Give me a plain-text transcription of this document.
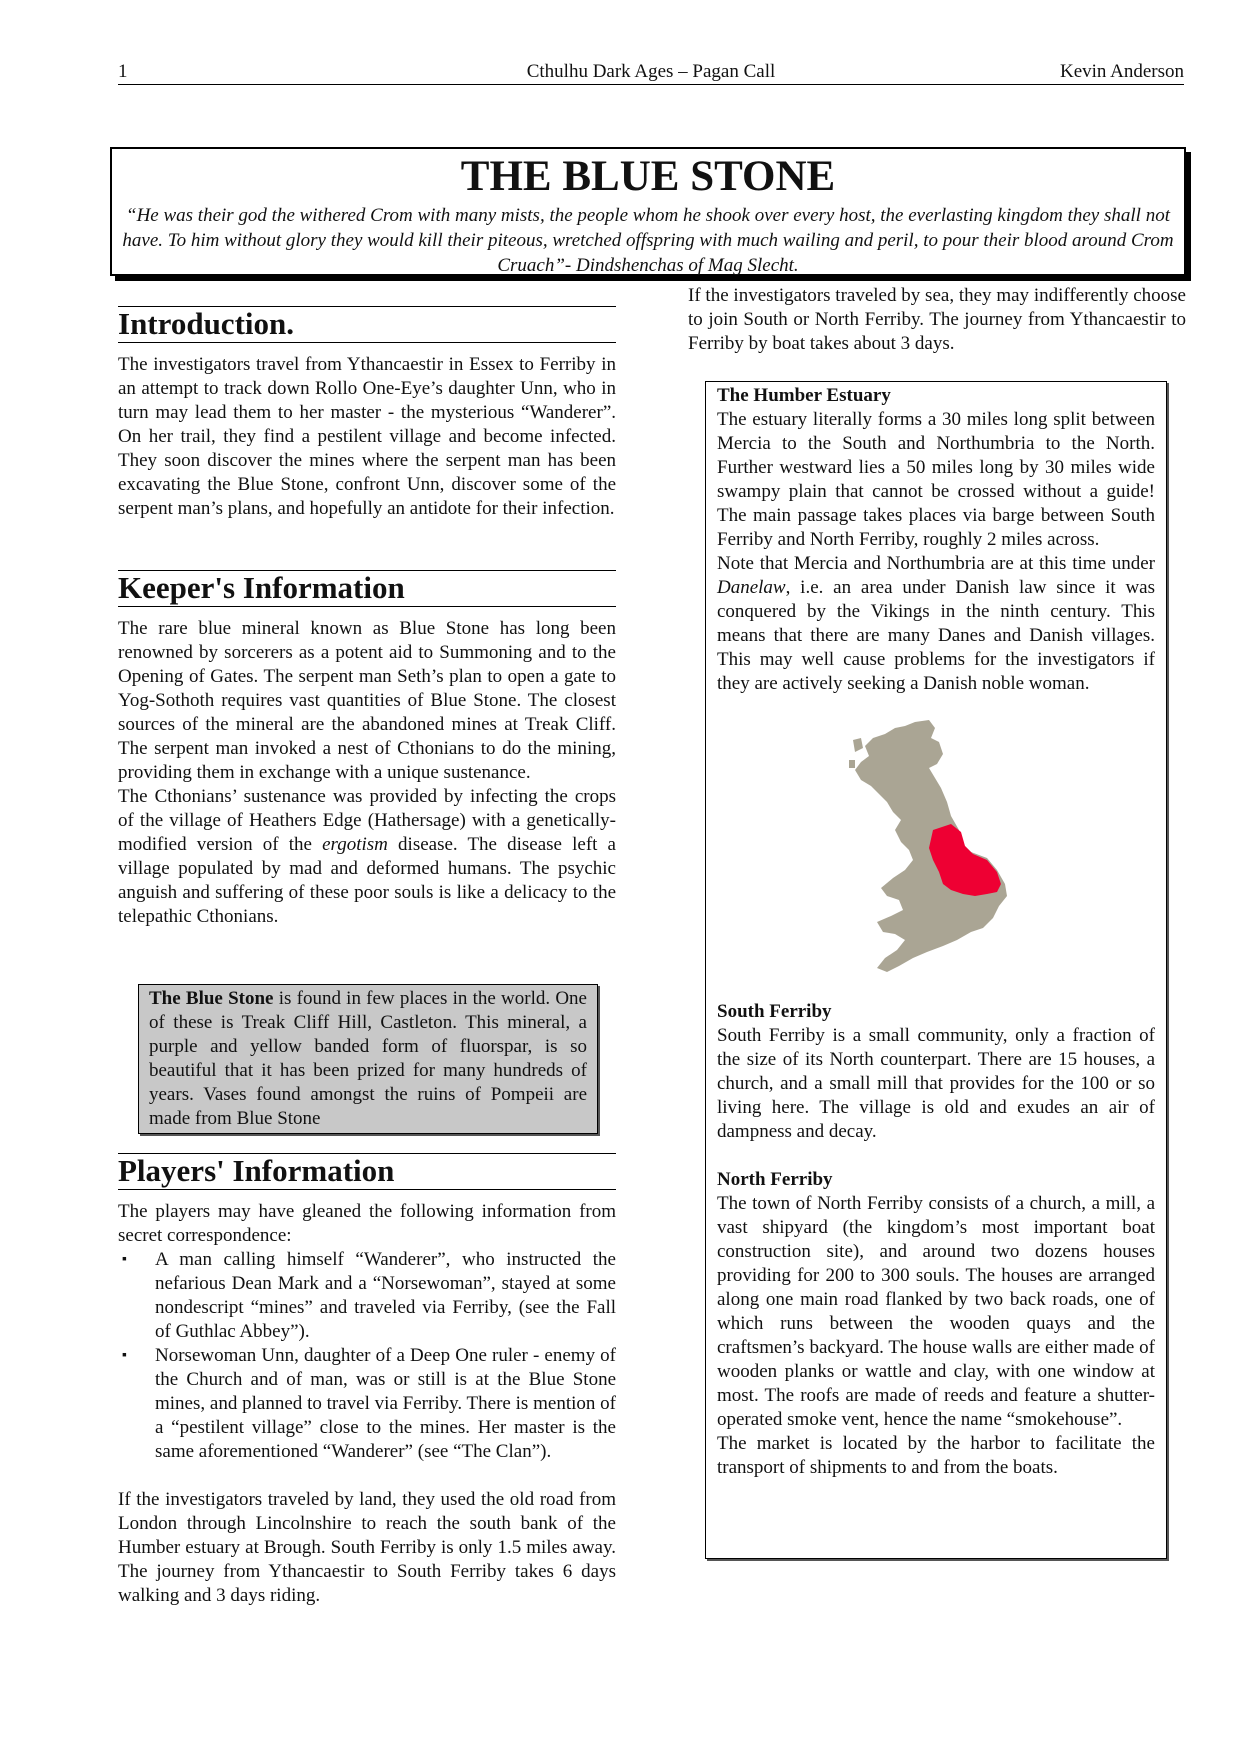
1	Cthulhu Dark Ages – Pagan Call	Kevin Anderson
THE BLUE STONE
“He was their god the withered Crom with many mists, the people whom he shook over every host, the everlasting kingdom they shall not have. To him without glory they would kill their piteous, wretched offspring with much wailing and peril, to pour their blood around Crom Cruach”- Dindshenchas of Mag Slecht.
Introduction.

The investigators travel from Ythancaestir in Essex to Ferriby in an attempt to track down Rollo One-Eye’s daughter Unn, who in turn may lead them to her master - the mysterious “Wanderer”. On her trail, they find a pestilent village and become infected. They soon discover the mines where the serpent man has been excavating the Blue Stone, confront Unn, discover some of the serpent man’s plans, and hopefully an antidote for their infection.

Keeper's Information

The rare blue mineral known as Blue Stone has long been renowned by sorcerers as a potent aid to Summoning and to the Opening of Gates. The serpent man Seth’s plan to open a gate to Yog-Sothoth requires vast quantities of Blue Stone. The closest sources of the mineral are the abandoned mines at Treak Cliff. The serpent man invoked a nest of Cthonians to do the mining, providing them in exchange with a unique sustenance.

The Cthonians’ sustenance was provided by infecting the crops of the village of Heathers Edge (Hathersage) with a genetically-modified version of the ergotism disease. The disease left a village populated by mad and deformed humans. The psychic anguish and suffering of these poor souls is like a delicacy to the telepathic Cthonians.

The Blue Stone is found in few places in the world. One of these is Treak Cliff Hill, Castleton. This mineral, a purple and yellow banded form of fluorspar, is so beautiful that it has been prized for many hundreds of years. Vases found amongst the ruins of Pompeii are made from Blue Stone
Players' Information

The players may have gleaned the following information from secret correspondence:

▪ A man calling himself “Wanderer”, who instructed the nefarious Dean Mark and a “Norsewoman”, stayed at some nondescript “mines” and traveled via Ferriby, (see the Fall of Guthlac Abbey”).
▪ Norsewoman Unn, daughter of a Deep One ruler - enemy of the Church and of man, was or still is at the Blue Stone mines, and planned to travel via Ferriby. There is mention of a “pestilent village” close to the mines. Her master is the same aforementioned “Wanderer” (see “The Clan”).

If the investigators traveled by land, they used the old road from London through Lincolnshire to reach the south bank of the Humber estuary at Brough. South Ferriby is only 1.5 miles away. The journey from Ythancaestir to South Ferriby takes 6 days walking and 3 days riding.

If the investigators traveled by sea, they may indifferently choose to join South or North Ferriby. The journey from Ythancaestir to Ferriby by boat takes about 3 days.
The Humber Estuary

The estuary literally forms a 30 miles long split between Mercia to the South and Northumbria to the North. Further westward lies a 50 miles long by 30 miles wide swampy plain that cannot be crossed without a guide! The main passage takes places via barge between South Ferriby and North Ferriby, roughly 2 miles across.

Note that Mercia and Northumbria are at this time under Danelaw, i.e. an area under Danish law since it was conquered by the Vikings in the ninth century. This means that there are many Danes and Danish villages. This may well cause problems for the investigators if they are actively seeking a Danish noble woman.

South Ferriby

South Ferriby is a small community, only a fraction of the size of its North counterpart. There are 15 houses, a church, and a small mill that provides for the 100 or so living here. The village is old and exudes an air of dampness and decay.

North Ferriby

The town of North Ferriby consists of a church, a mill, a vast shipyard (the kingdom’s most important boat construction site), and around two dozens houses providing for 200 to 300 souls. The houses are arranged along one main road flanked by two back roads, one of which runs between the wooden quays and the craftsmen’s backyard. The house walls are either made of wooden planks or wattle and clay, with one window at most. The roofs are made of reeds and feature a shutter-operated smoke vent, hence the name “smokehouse”.

The market is located by the harbor to facilitate the transport of shipments to and from the boats.
